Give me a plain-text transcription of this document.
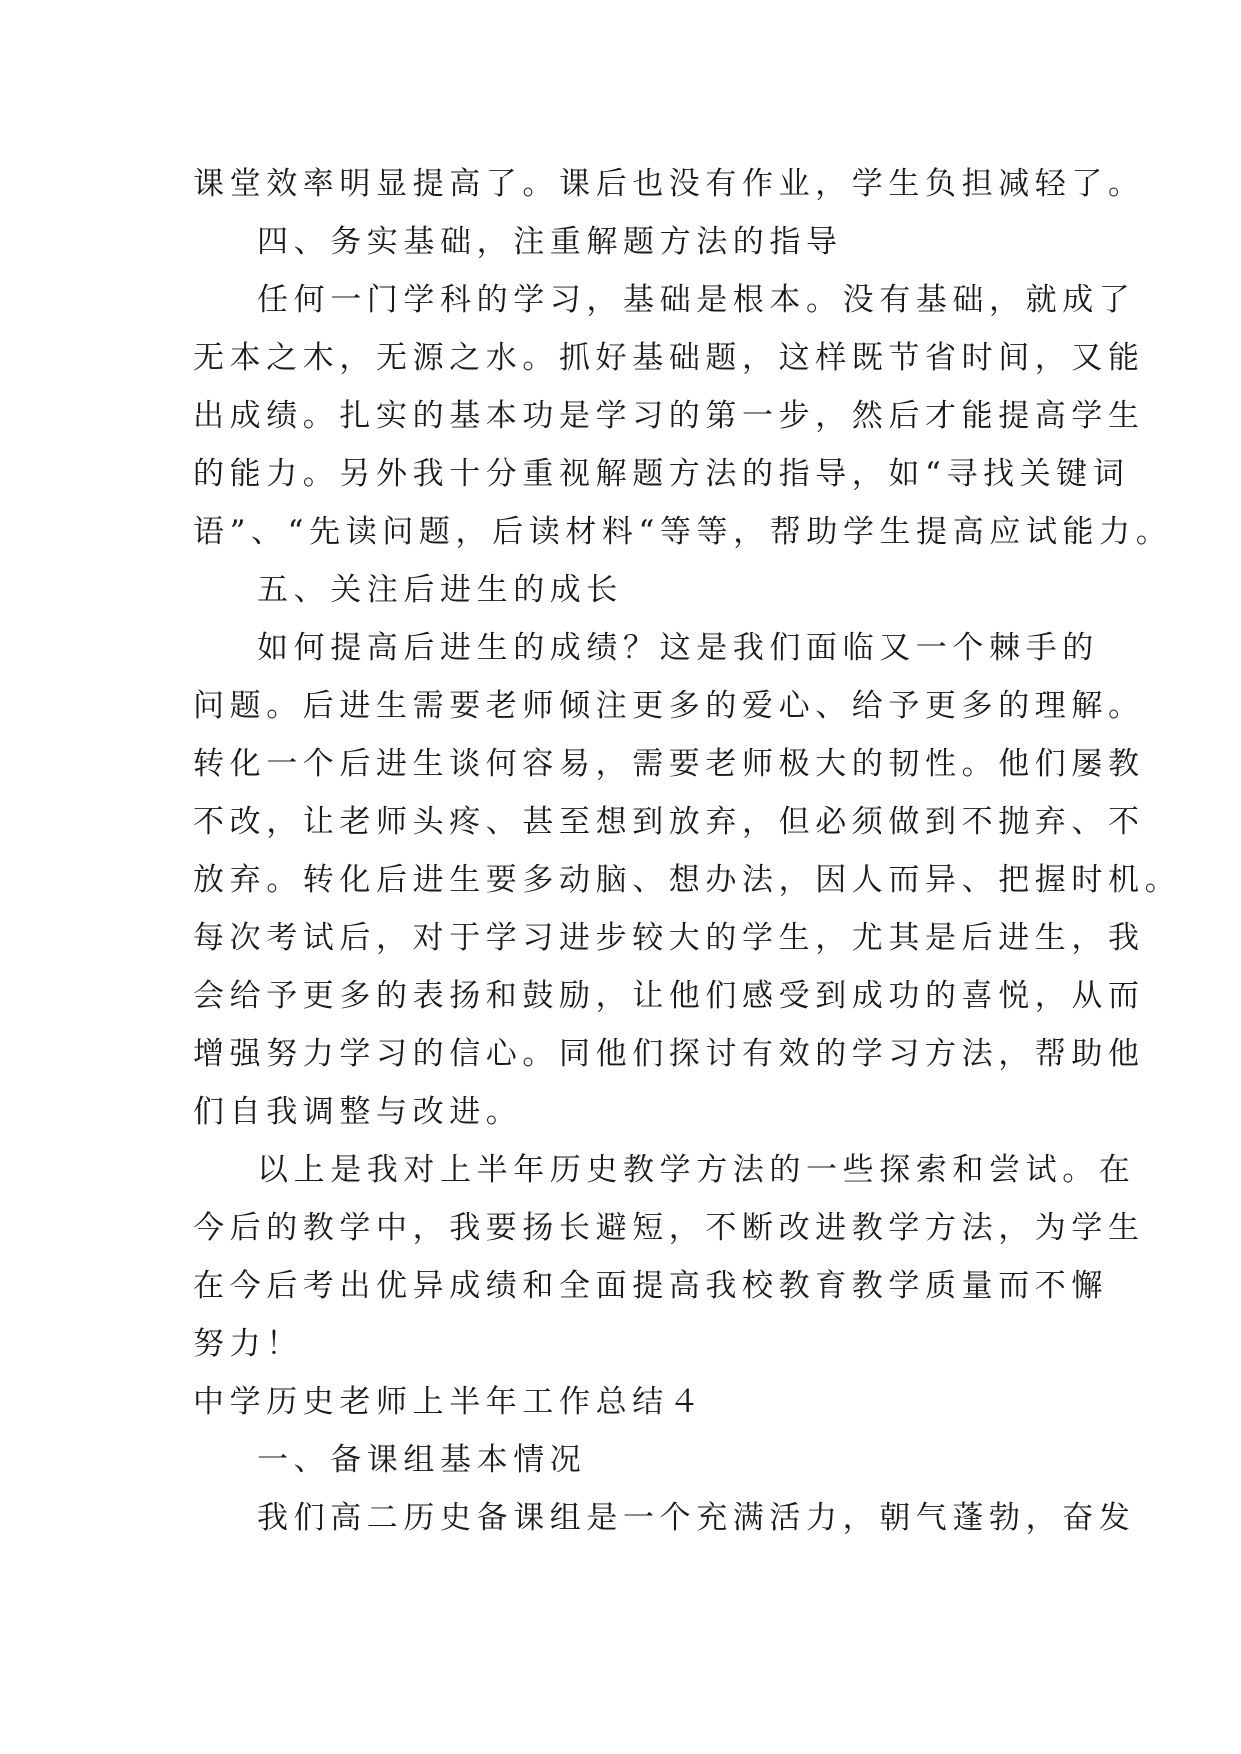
课堂效率明显提高了。课后也没有作业，学生负担减轻了。
四、务实基础，注重解题方法的指导
任何一门学科的学习，基础是根本。没有基础，就成了
无本之木，无源之水。抓好基础题，这样既节省时间，又能
出成绩。扎实的基本功是学习的第一步，然后才能提高学生
的能力。另外我十分重视解题方法的指导，如“寻找关键词
语”、“先读问题，后读材料“等等，帮助学生提高应试能力。
五、关注后进生的成长
如何提高后进生的成绩？这是我们面临又一个棘手的
问题。后进生需要老师倾注更多的爱心、给予更多的理解。
转化一个后进生谈何容易，需要老师极大的韧性。他们屡教
不改，让老师头疼、甚至想到放弃，但必须做到不抛弃、不
放弃。转化后进生要多动脑、想办法，因人而异、把握时机。
每次考试后，对于学习进步较大的学生，尤其是后进生，我
会给予更多的表扬和鼓励，让他们感受到成功的喜悦，从而
增强努力学习的信心。同他们探讨有效的学习方法，帮助他
们自我调整与改进。
以上是我对上半年历史教学方法的一些探索和尝试。在
今后的教学中，我要扬长避短，不断改进教学方法，为学生
在今后考出优异成绩和全面提高我校教育教学质量而不懈
努力！
中学历史老师上半年工作总结４
一、备课组基本情况
我们高二历史备课组是一个充满活力，朝气蓬勃，奋发
